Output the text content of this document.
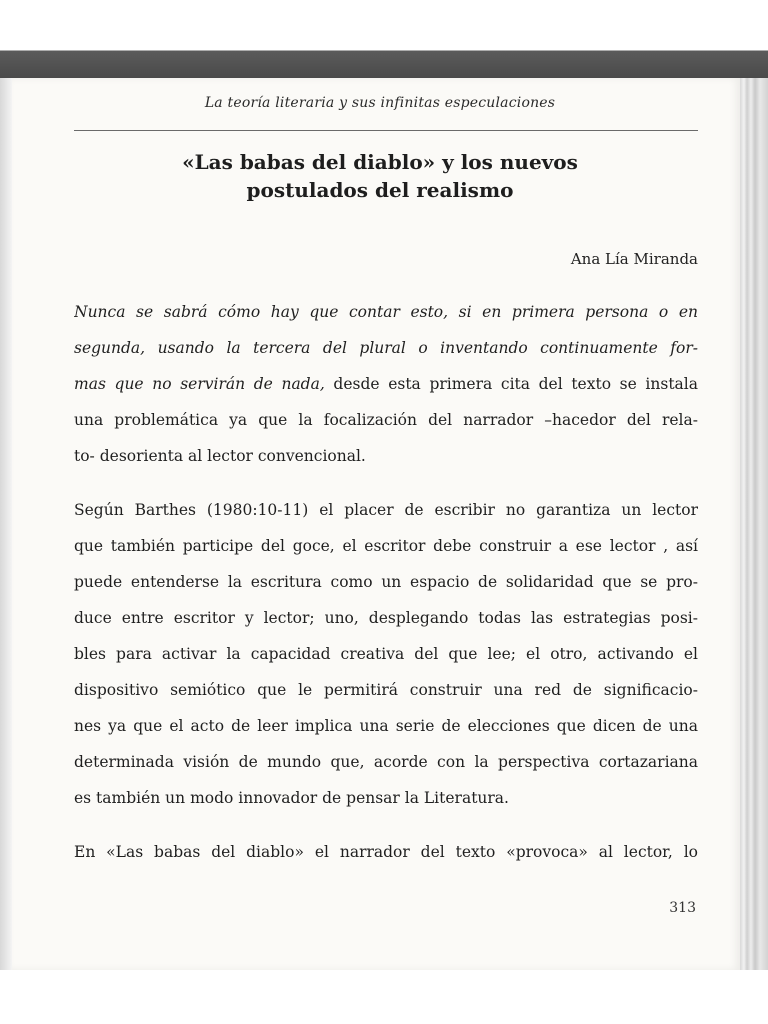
La teoría literaria y sus infinitas especulaciones
«Las babas del diablo» y los nuevos
postulados del realismo
Ana Lía Miranda

Nunca se sabrá cómo hay que contar esto, si en primera persona o en
segunda, usando la tercera del plural o inventando continuamente for-
mas que no servirán de nada, desde esta primera cita del texto se instala
una problemática ya que la focalización del narrador –hacedor del rela-
to- desorienta al lector convencional.

Según Barthes (1980:10-11) el placer de escribir no garantiza un lector
que también participe del goce, el escritor debe construir a ese lector , así
puede entenderse la escritura como un espacio de solidaridad que se pro-
duce entre escritor y lector; uno, desplegando todas las estrategias posi-
bles para activar la capacidad creativa del que lee; el otro, activando el
dispositivo semiótico que le permitirá construir una red de significacio-
nes ya que el acto de leer implica una serie de elecciones que dicen de una
determinada visión de mundo que, acorde con la perspectiva cortazariana
es también un modo innovador de pensar la Literatura.

En «Las babas del diablo» el narrador del texto «provoca» al lector, lo

313
